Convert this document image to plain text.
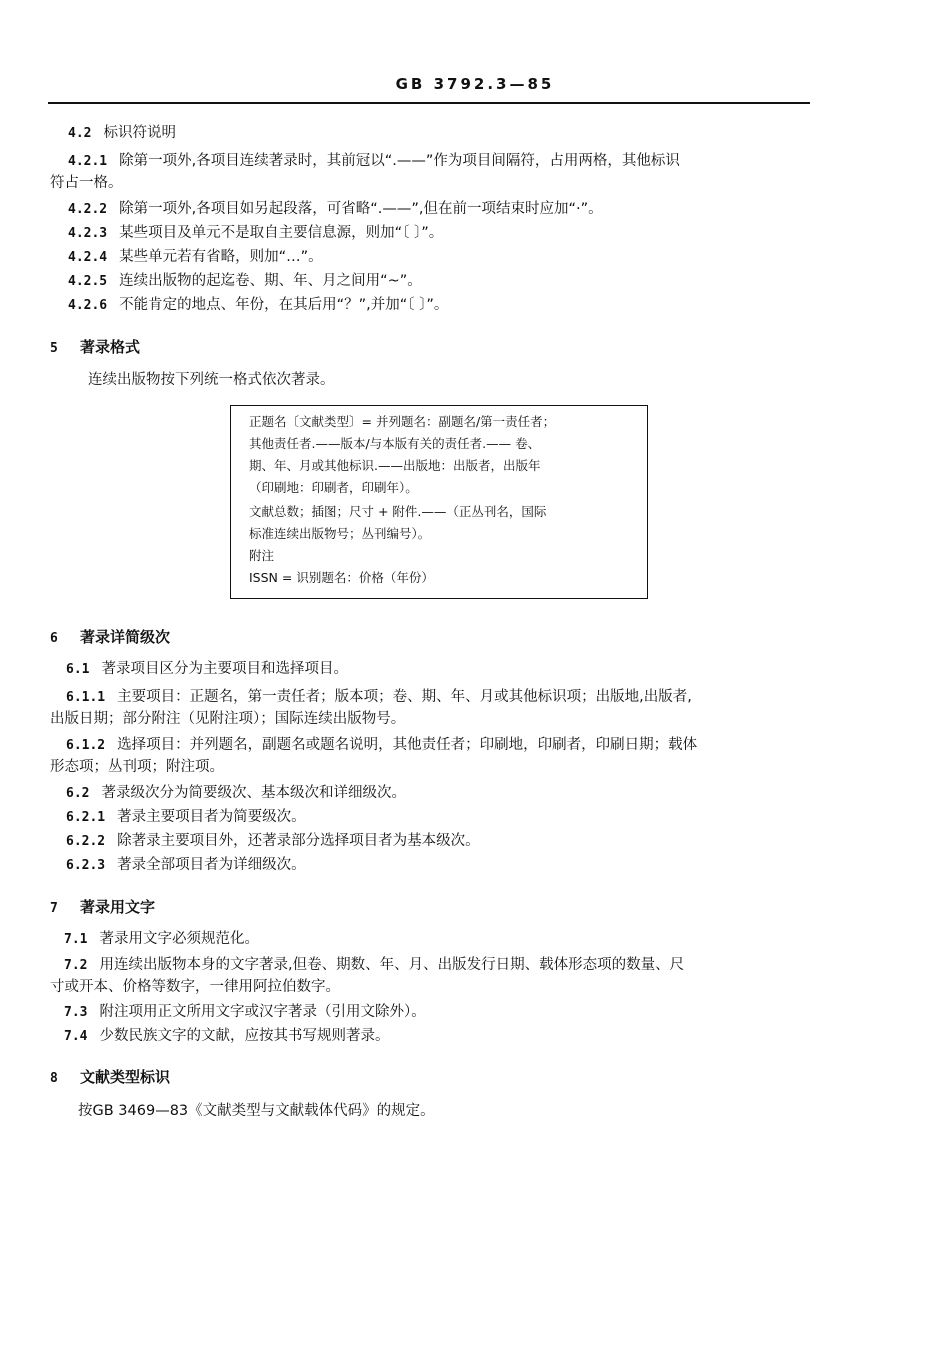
GB 3792.3—85
4.2 标识符说明
4.2.1 除第一项外,各项目连续著录时，其前冠以“.——”作为项目间隔符，占用两格，其他标识
符占一格。
4.2.2 除第一项外,各项目如另起段落，可省略“.——”,但在前一项结束时应加“·”。
4.2.3 某些项目及单元不是取自主要信息源，则加“〔 〕”。
4.2.4 某些单元若有省略，则加“…”。
4.2.5 连续出版物的起迄卷、期、年、月之间用“~”。
4.2.6 不能肯定的地点、年份，在其后用“？”,并加“〔 〕”。
5 著录格式
连续出版物按下列统一格式依次著录。
正题名〔文献类型〕= 并列题名：副题名/第一责任者；
其他责任者.——版本/与本版有关的责任者.—— 卷、
期、年、月或其他标识.——出版地：出版者，出版年
（印刷地：印刷者，印刷年）。
文献总数；插图；尺寸 + 附件.——（正丛刊名，国际
标准连续出版物号；丛刊编号）。
附注
ISSN = 识别题名：价格（年份）
6 著录详简级次
6.1 著录项目区分为主要项目和选择项目。
6.1.1 主要项目：正题名，第一责任者；版本项；卷、期、年、月或其他标识项；出版地,出版者,
出版日期；部分附注（见附注项）；国际连续出版物号。
6.1.2 选择项目：并列题名，副题名或题名说明，其他责任者；印刷地，印刷者，印刷日期；载体
形态项；丛刊项；附注项。
6.2 著录级次分为简要级次、基本级次和详细级次。
6.2.1 著录主要项目者为简要级次。
6.2.2 除著录主要项目外，还著录部分选择项目者为基本级次。
6.2.3 著录全部项目者为详细级次。
7 著录用文字
7.1 著录用文字必须规范化。
7.2 用连续出版物本身的文字著录,但卷、期数、年、月、出版发行日期、载体形态项的数量、尺
寸或开本、价格等数字，一律用阿拉伯数字。
7.3 附注项用正文所用文字或汉字著录（引用文除外）。
7.4 少数民族文字的文献，应按其书写规则著录。
8 文献类型标识
按GB 3469—83《文献类型与文献载体代码》的规定。
